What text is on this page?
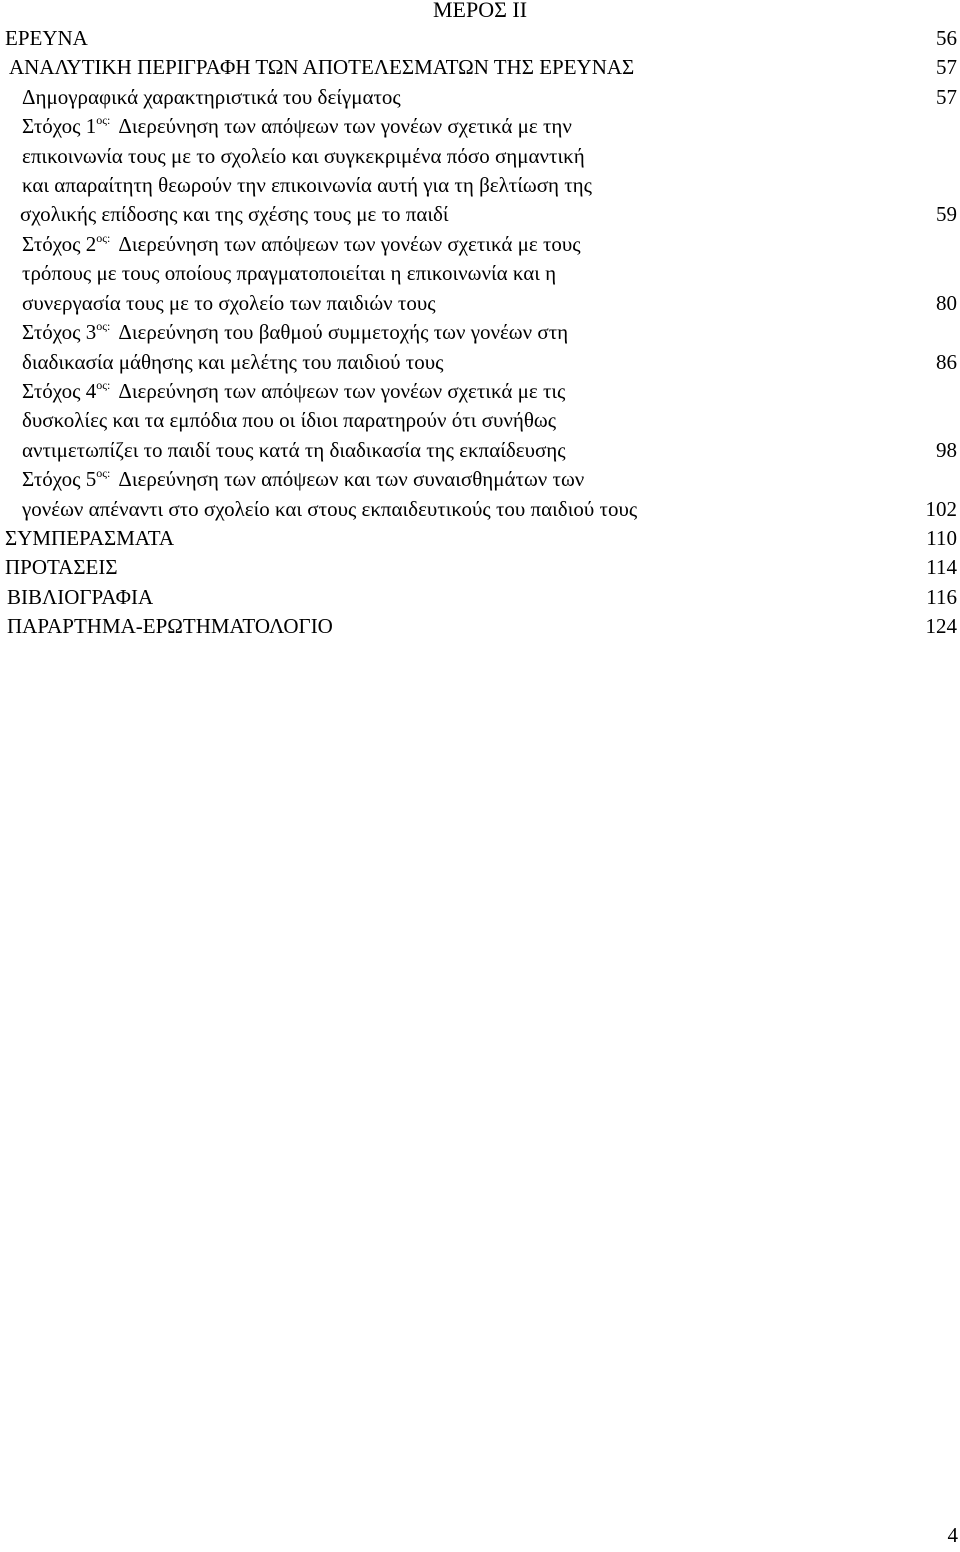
ΜΕΡΟΣ ΙΙ
ΕΡΕΥΝΑ	56
ΑΝΑΛΥΤΙΚΗ ΠΕΡΙΓΡΑΦΗ ΤΩΝ ΑΠΟΤΕΛΕΣΜΑΤΩΝ ΤΗΣ ΕΡΕΥΝΑΣ	57
Δημογραφικά χαρακτηριστικά του δείγματος	57
Στόχος $1^{o\varsigma:}$ Διερεύνηση των απόψεων των γονέων σχετικά με την
επικοινωνία τους με το σχολείο και συγκεκριμένα πόσο σημαντική
και απαραίτητη θεωρούν την επικοινωνία αυτή για τη βελτίωση της
σχολικής επίδοσης και της σχέσης τους με το παιδί	59
Στόχος $2^{o\varsigma:}$ Διερεύνηση των απόψεων των γονέων σχετικά με τους
τρόπους με τους οποίους πραγματοποιείται η επικοινωνία και η
συνεργασία τους με το σχολείο των παιδιών τους	80
Στόχος $3^{o\varsigma:}$ Διερεύνηση του βαθμού συμμετοχής των γονέων στη
διαδικασία μάθησης και μελέτης του παιδιού τους	86
Στόχος $4^{o\varsigma:}$ Διερεύνηση των απόψεων των γονέων σχετικά με τις
δυσκολίες και τα εμπόδια που οι ίδιοι παρατηρούν ότι συνήθως
αντιμετωπίζει το παιδί τους κατά τη διαδικασία της εκπαίδευσης	98
Στόχος $5^{o\varsigma:}$ Διερεύνηση των απόψεων και των συναισθημάτων των
γονέων απέναντι στο σχολείο και στους εκπαιδευτικούς του παιδιού τους	102
ΣΥΜΠΕΡΑΣΜΑΤΑ	110
ΠΡΟΤΑΣΕΙΣ	114
ΒΙΒΛΙΟΓΡΑΦΙΑ	116
ΠΑΡΑΡΤΗΜΑ-ΕΡΩΤΗΜΑΤΟΛΟΓΙΟ	124
4
